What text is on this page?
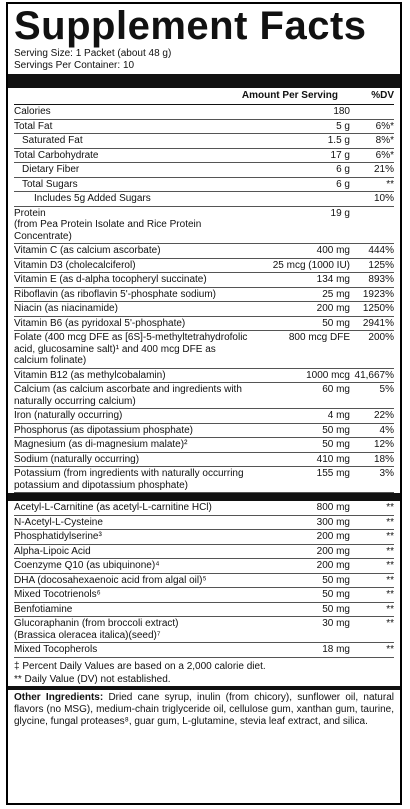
Supplement Facts
Serving Size: 1 Packet (about 48 g)
Servings Per Container: 10
Amount Per Serving	%DV
Calories	180
Total Fat	5 g	6%*
Saturated Fat	1.5 g	8%*
Total Carbohydrate	17 g	6%*
Dietary Fiber	6 g	21%
Total Sugars	6 g	**
Includes 5g Added Sugars	10%
Protein
(from Pea Protein Isolate and Rice Protein Concentrate)
19 g
Vitamin C (as calcium ascorbate)	400 mg	444%
Vitamin D3 (cholecalciferol)	25 mcg (1000 IU)	125%
Vitamin E (as d-alpha tocopheryl succinate)	134 mg	893%
Riboflavin (as riboflavin 5'-phosphate sodium)	25 mg	1923%
Niacin (as niacinamide)	200 mg	1250%
Vitamin B6 (as pyridoxal 5'-phosphate)	50 mg	2941%
Folate (400 mcg DFE as [6S]-5-methyltetrahydrofolic acid, glucosamine salt)¹ and 400 mcg DFE as calcium folinate)
800 mcg DFE	200%
Vitamin B12 (as methylcobalamin)	1000 mcg 41,667%
Calcium (as calcium ascorbate and ingredients with naturally occurring calcium)
60 mg	5%
Iron (naturally occurring)	4 mg	22%
Phosphorus (as dipotassium phosphate)	50 mg	4%
Magnesium (as di-magnesium malate)²	50 mg	12%
Sodium (naturally occurring)	410 mg	18%
Potassium (from ingredients with naturally occurring potassium and dipotassium phosphate)
155 mg	3%
Acetyl-L-Carnitine (as acetyl-L-carnitine HCl)	800 mg	**
N-Acetyl-L-Cysteine	300 mg	**
Phosphatidylserine³	200 mg	**
Alpha-Lipoic Acid	200 mg	**
Coenzyme Q10 (as ubiquinone)⁴	200 mg	**
DHA (docosahexaenoic acid from algal oil)⁵	50 mg	**
Mixed Tocotrienols⁶	50 mg	**
Benfotiamine	50 mg	**
Glucoraphanin (from broccoli extract)
(Brassica oleracea italica)(seed)⁷
30 mg	**
Mixed Tocopherols	18 mg	**
‡ Percent Daily Values are based on a 2,000 calorie diet.
** Daily Value (DV) not established.
Other Ingredients: Dried cane syrup, inulin (from chicory), sunflower oil, natural flavors (no MSG), medium-chain triglyceride oil, cellulose gum, xanthan gum, taurine, glycine, fungal proteases⁸, guar gum, L-glutamine, stevia leaf extract, and silica.
